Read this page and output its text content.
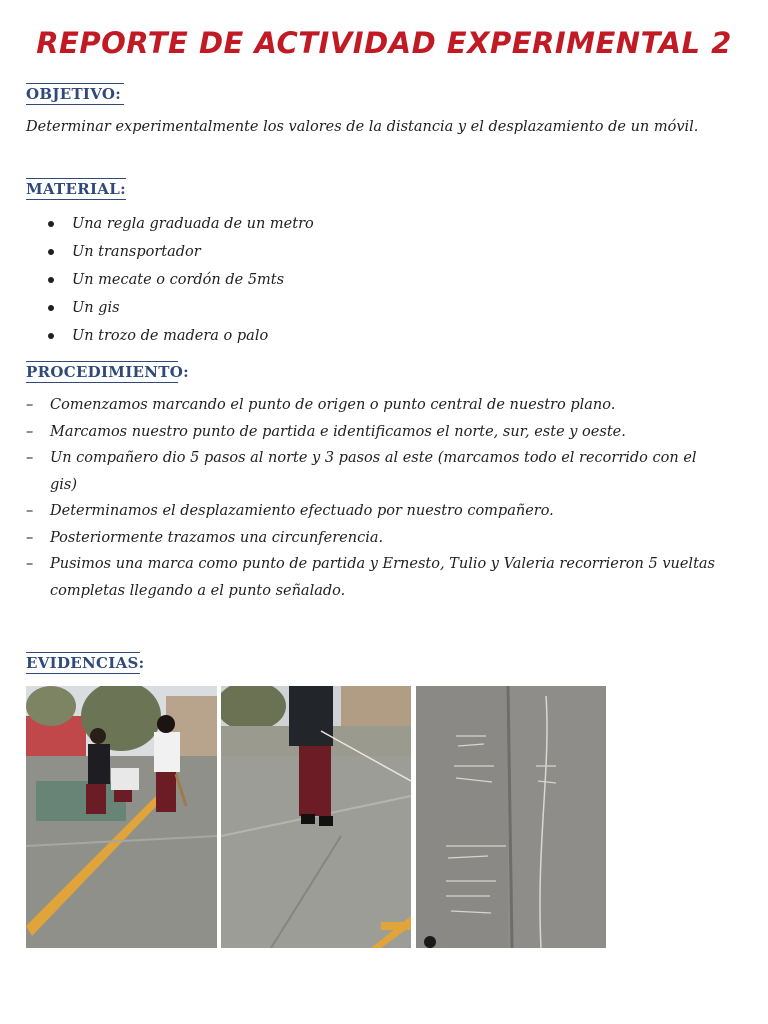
REPORTE DE ACTIVIDAD EXPERIMENTAL 2
OBJETIVO:
Determinar experimentalmente los valores de la distancia y el desplazamiento de un móvil.
MATERIAL:
Una regla graduada de un metro
Un transportador
Un mecate o cordón de 5mts
Un gis
Un trozo de madera o palo
PROCEDIMIENTO:
– Comenzamos marcando el punto de origen o punto central de nuestro plano.
– Marcamos nuestro punto de partida e identificamos el norte, sur, este y oeste.
– Un compañero dio 5 pasos al norte y 3 pasos al este (marcamos todo el recorrido con el gis)
– Determinamos el desplazamiento efectuado por nuestro compañero.
– Posteriormente trazamos una circunferencia.
– Pusimos una marca como punto de partida y Ernesto, Tulio y Valeria recorrieron 5 vueltas completas llegando a el punto señalado.
EVIDENCIAS:
